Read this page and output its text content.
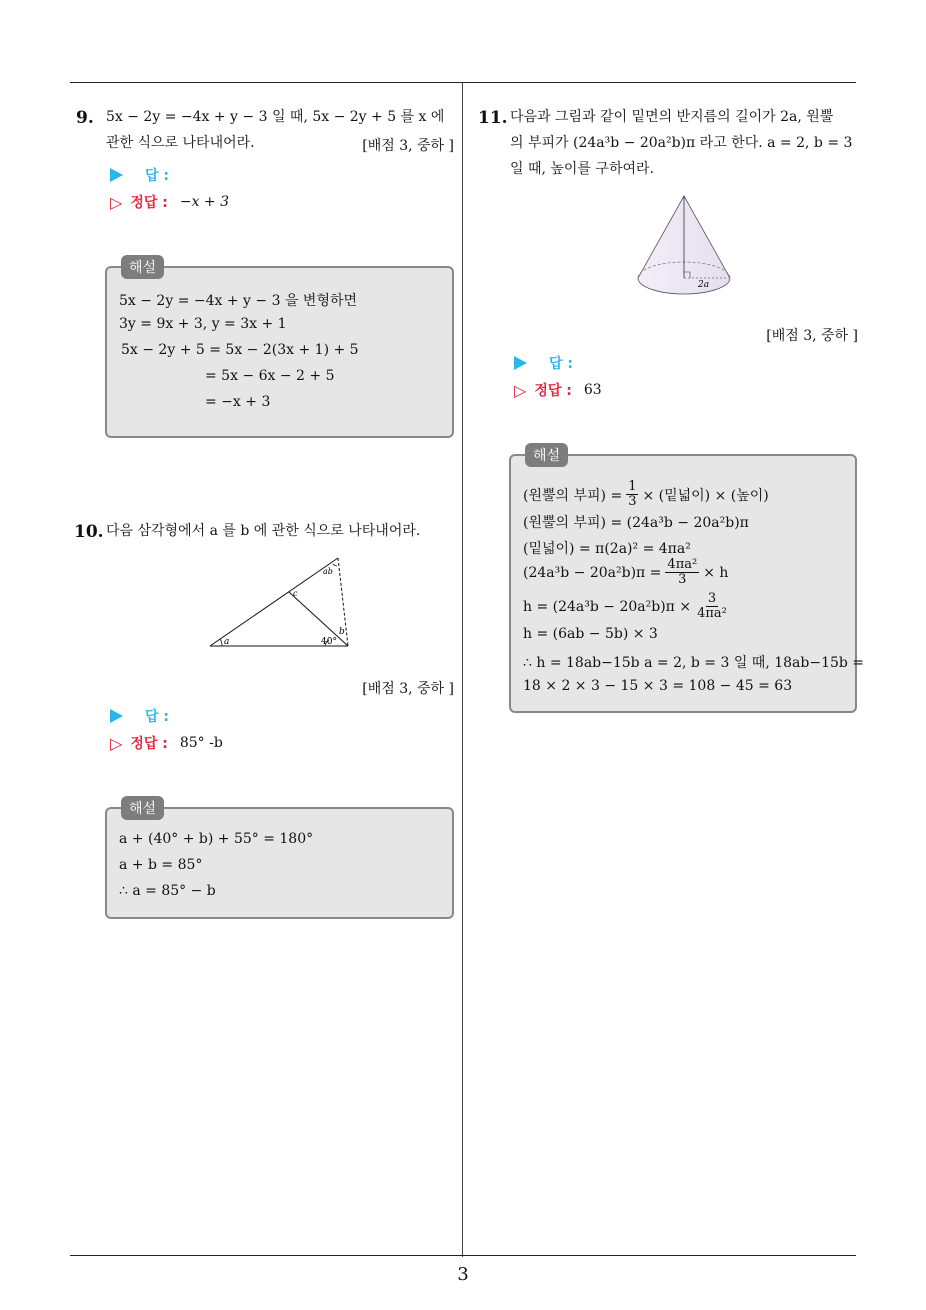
9. 5x − 2y = −4x + y − 3 일 때, 5x − 2y + 5 를 x 에
관한 식으로 나타내어라.	[배점 3, 중하 ]
답 :
▷ 정답 : −x + 3
해설
5x − 2y = −4x + y − 3 을 변형하면
3y = 9x + 3, y = 3x + 1
5x − 2y + 5 = 5x − 2(3x + 1) + 5
= 5x − 6x − 2 + 5
= −x + 3
10. 다음 삼각형에서 a 를 b 에 관한 식으로 나타내어라.
a	40°
b
c
ab
[배점 3, 중하 ]
답 :
▷ 정답 : 85° -b
해설
a + (40° + b) + 55° = 180°
a + b = 85°
∴ a = 85° − b
11. 다음과 그림과 같이 밑면의 반지름의 길이가 2a, 원뿔
의 부피가 (24a³b − 20a²b)π 라고 한다. a = 2, b = 3
일 때, 높이를 구하여라.
2a
[배점 3, 중하 ]
답 :
▷ 정답 : 63
해설
(원뿔의 부피) = $\frac{1}{3}$ × (밑넓이) × (높이)
(원뿔의 부피) = (24a³b − 20a²b)π
(밑넓이) = π(2a)² = 4πa²
$(24a^3b - 20a^2b)\pi = \frac{\text{4πa²}}{3} \times h$
$h = (24a^3b - 20a^2b)\pi \times \frac{3}{\text{4πa²}}$
h = (6ab − 5b) × 3
∴ h = 18ab−15b a = 2, b = 3 일 때, 18ab−15b =
18 × 2 × 3 − 15 × 3 = 108 − 45 = 63
3
